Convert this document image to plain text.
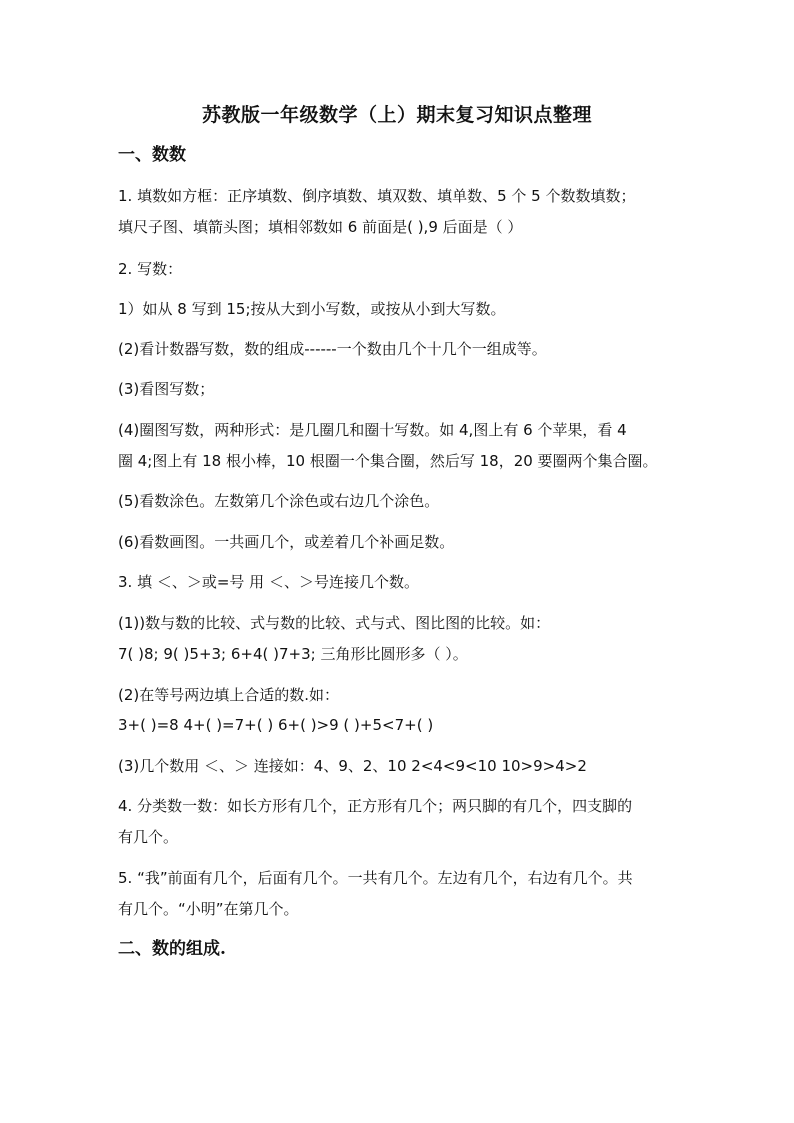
苏教版一年级数学（上）期末复习知识点整理
一、数数
1. 填数如方框：正序填数、倒序填数、填双数、填单数、5 个 5 个数数填数；
填尺子图、填箭头图；填相邻数如 6 前面是( ),9 后面是（ ）
2. 写数：
1）如从 8 写到 15;按从大到小写数，或按从小到大写数。
(2)看计数器写数，数的组成------一个数由几个十几个一组成等。
(3)看图写数；
(4)圈图写数，两种形式：是几圈几和圈十写数。如 4,图上有 6 个苹果，看 4
圈 4;图上有 18 根小棒，10 根圈一个集合圈，然后写 18，20 要圈两个集合圈。
(5)看数涂色。左数第几个涂色或右边几个涂色。
(6)看数画图。一共画几个，或差着几个补画足数。
3. 填 ＜、＞或=号 用 ＜、＞号连接几个数。
(1))数与数的比较、式与数的比较、式与式、图比图的比较。如：
7( )8; 9( )5+3; 6+4( )7+3; 三角形比圆形多（ ）。
(2)在等号两边填上合适的数.如：
3+( )=8 4+( )=7+( ) 6+( )>9 ( )+5<7+( )
(3)几个数用 ＜、＞ 连接如：4、9、2、10 2<4<9<10 10>9>4>2
4. 分类数一数：如长方形有几个，正方形有几个；两只脚的有几个，四支脚的
有几个。
5. “我”前面有几个，后面有几个。一共有几个。左边有几个，右边有几个。共
有几个。“小明”在第几个。
二、数的组成.
